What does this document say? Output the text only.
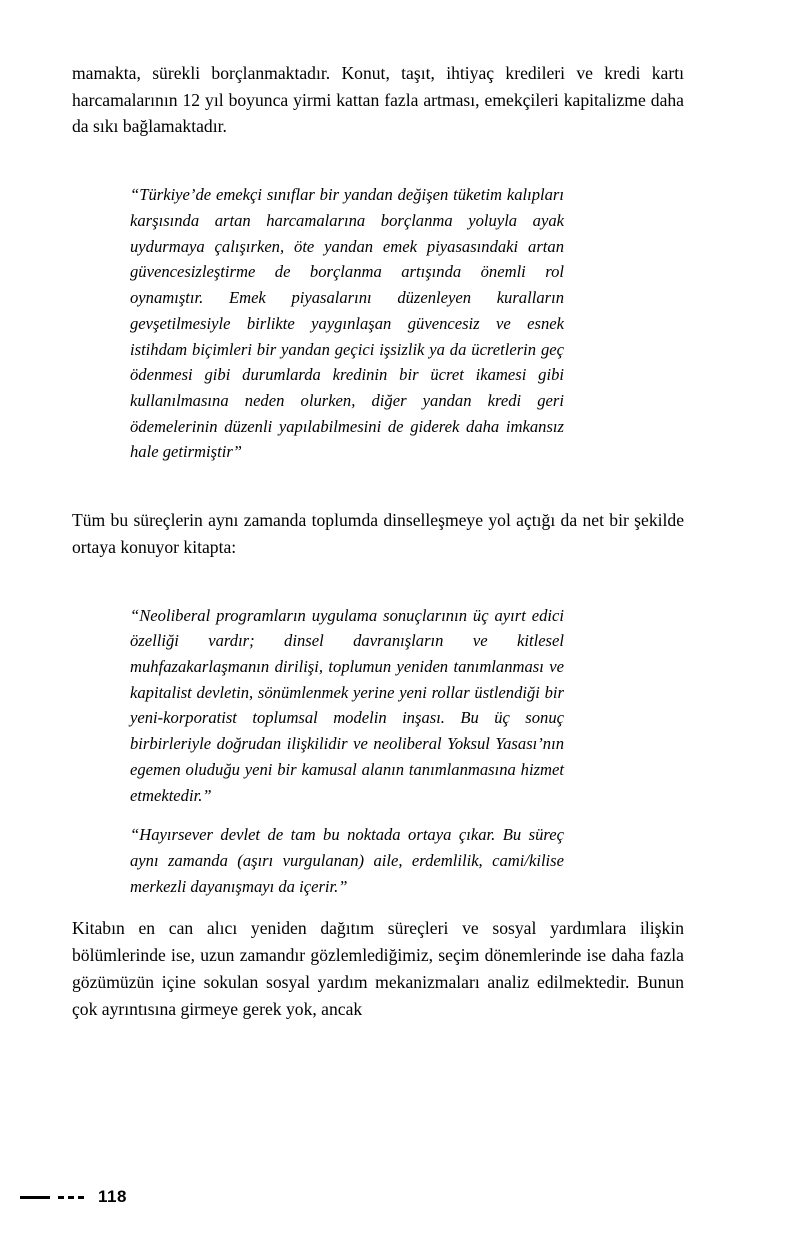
mamakta, sürekli borçlanmaktadır. Konut, taşıt, ihtiyaç kredileri ve kredi kartı harcamalarının 12 yıl boyunca yirmi kattan fazla artması, emekçileri kapitalizme daha da sıkı bağlamaktadır.

“Türkiye’de emekçi sınıflar bir yandan değişen tüketim kalıpları karşısında artan harcamalarına borçlanma yoluyla ayak uydurmaya çalışırken, öte yandan emek piyasasındaki artan güvencesizleştirme de borçlanma artışında önemli rol oynamıştır. Emek piyasalarını düzenleyen kuralların gevşetilmesiyle birlikte yaygınlaşan güvencesiz ve esnek istihdam biçimleri bir yandan geçici işsizlik ya da ücretlerin geç ödenmesi gibi durumlarda kredinin bir ücret ikamesi gibi kullanılmasına neden olurken, diğer yandan kredi geri ödemelerinin düzenli yapılabilmesini de giderek daha imkansız hale getirmiştir”

Tüm bu süreçlerin aynı zamanda toplumda dinselleşmeye yol açtığı da net bir şekilde ortaya konuyor kitapta:

“Neoliberal programların uygulama sonuçlarının üç ayırt edici özelliği vardır; dinsel davranışların ve kitlesel muhfazakarlaşmanın dirilişi, toplumun yeniden tanımlanması ve kapitalist devletin, sönümlenmek yerine yeni rollar üstlendiği bir yeni-korporatist toplumsal modelin inşası. Bu üç sonuç birbirleriyle doğrudan ilişkilidir ve neoliberal Yoksul Yasası’nın egemen oluduğu yeni bir kamusal alanın tanımlanmasına hizmet etmektedir.”

“Hayırsever devlet de tam bu noktada ortaya çıkar. Bu süreç aynı zamanda (aşırı vurgulanan) aile, erdemlilik, cami/kilise merkezli dayanışmayı da içerir.”

Kitabın en can alıcı yeniden dağıtım süreçleri ve sosyal yardımlara ilişkin bölümlerinde ise, uzun zamandır gözlemlediğimiz, seçim dönemlerinde ise daha fazla gözümüzün içine sokulan sosyal yardım mekanizmaları analiz edilmektedir. Bunun çok ayrıntısına girmeye gerek yok, ancak

118
